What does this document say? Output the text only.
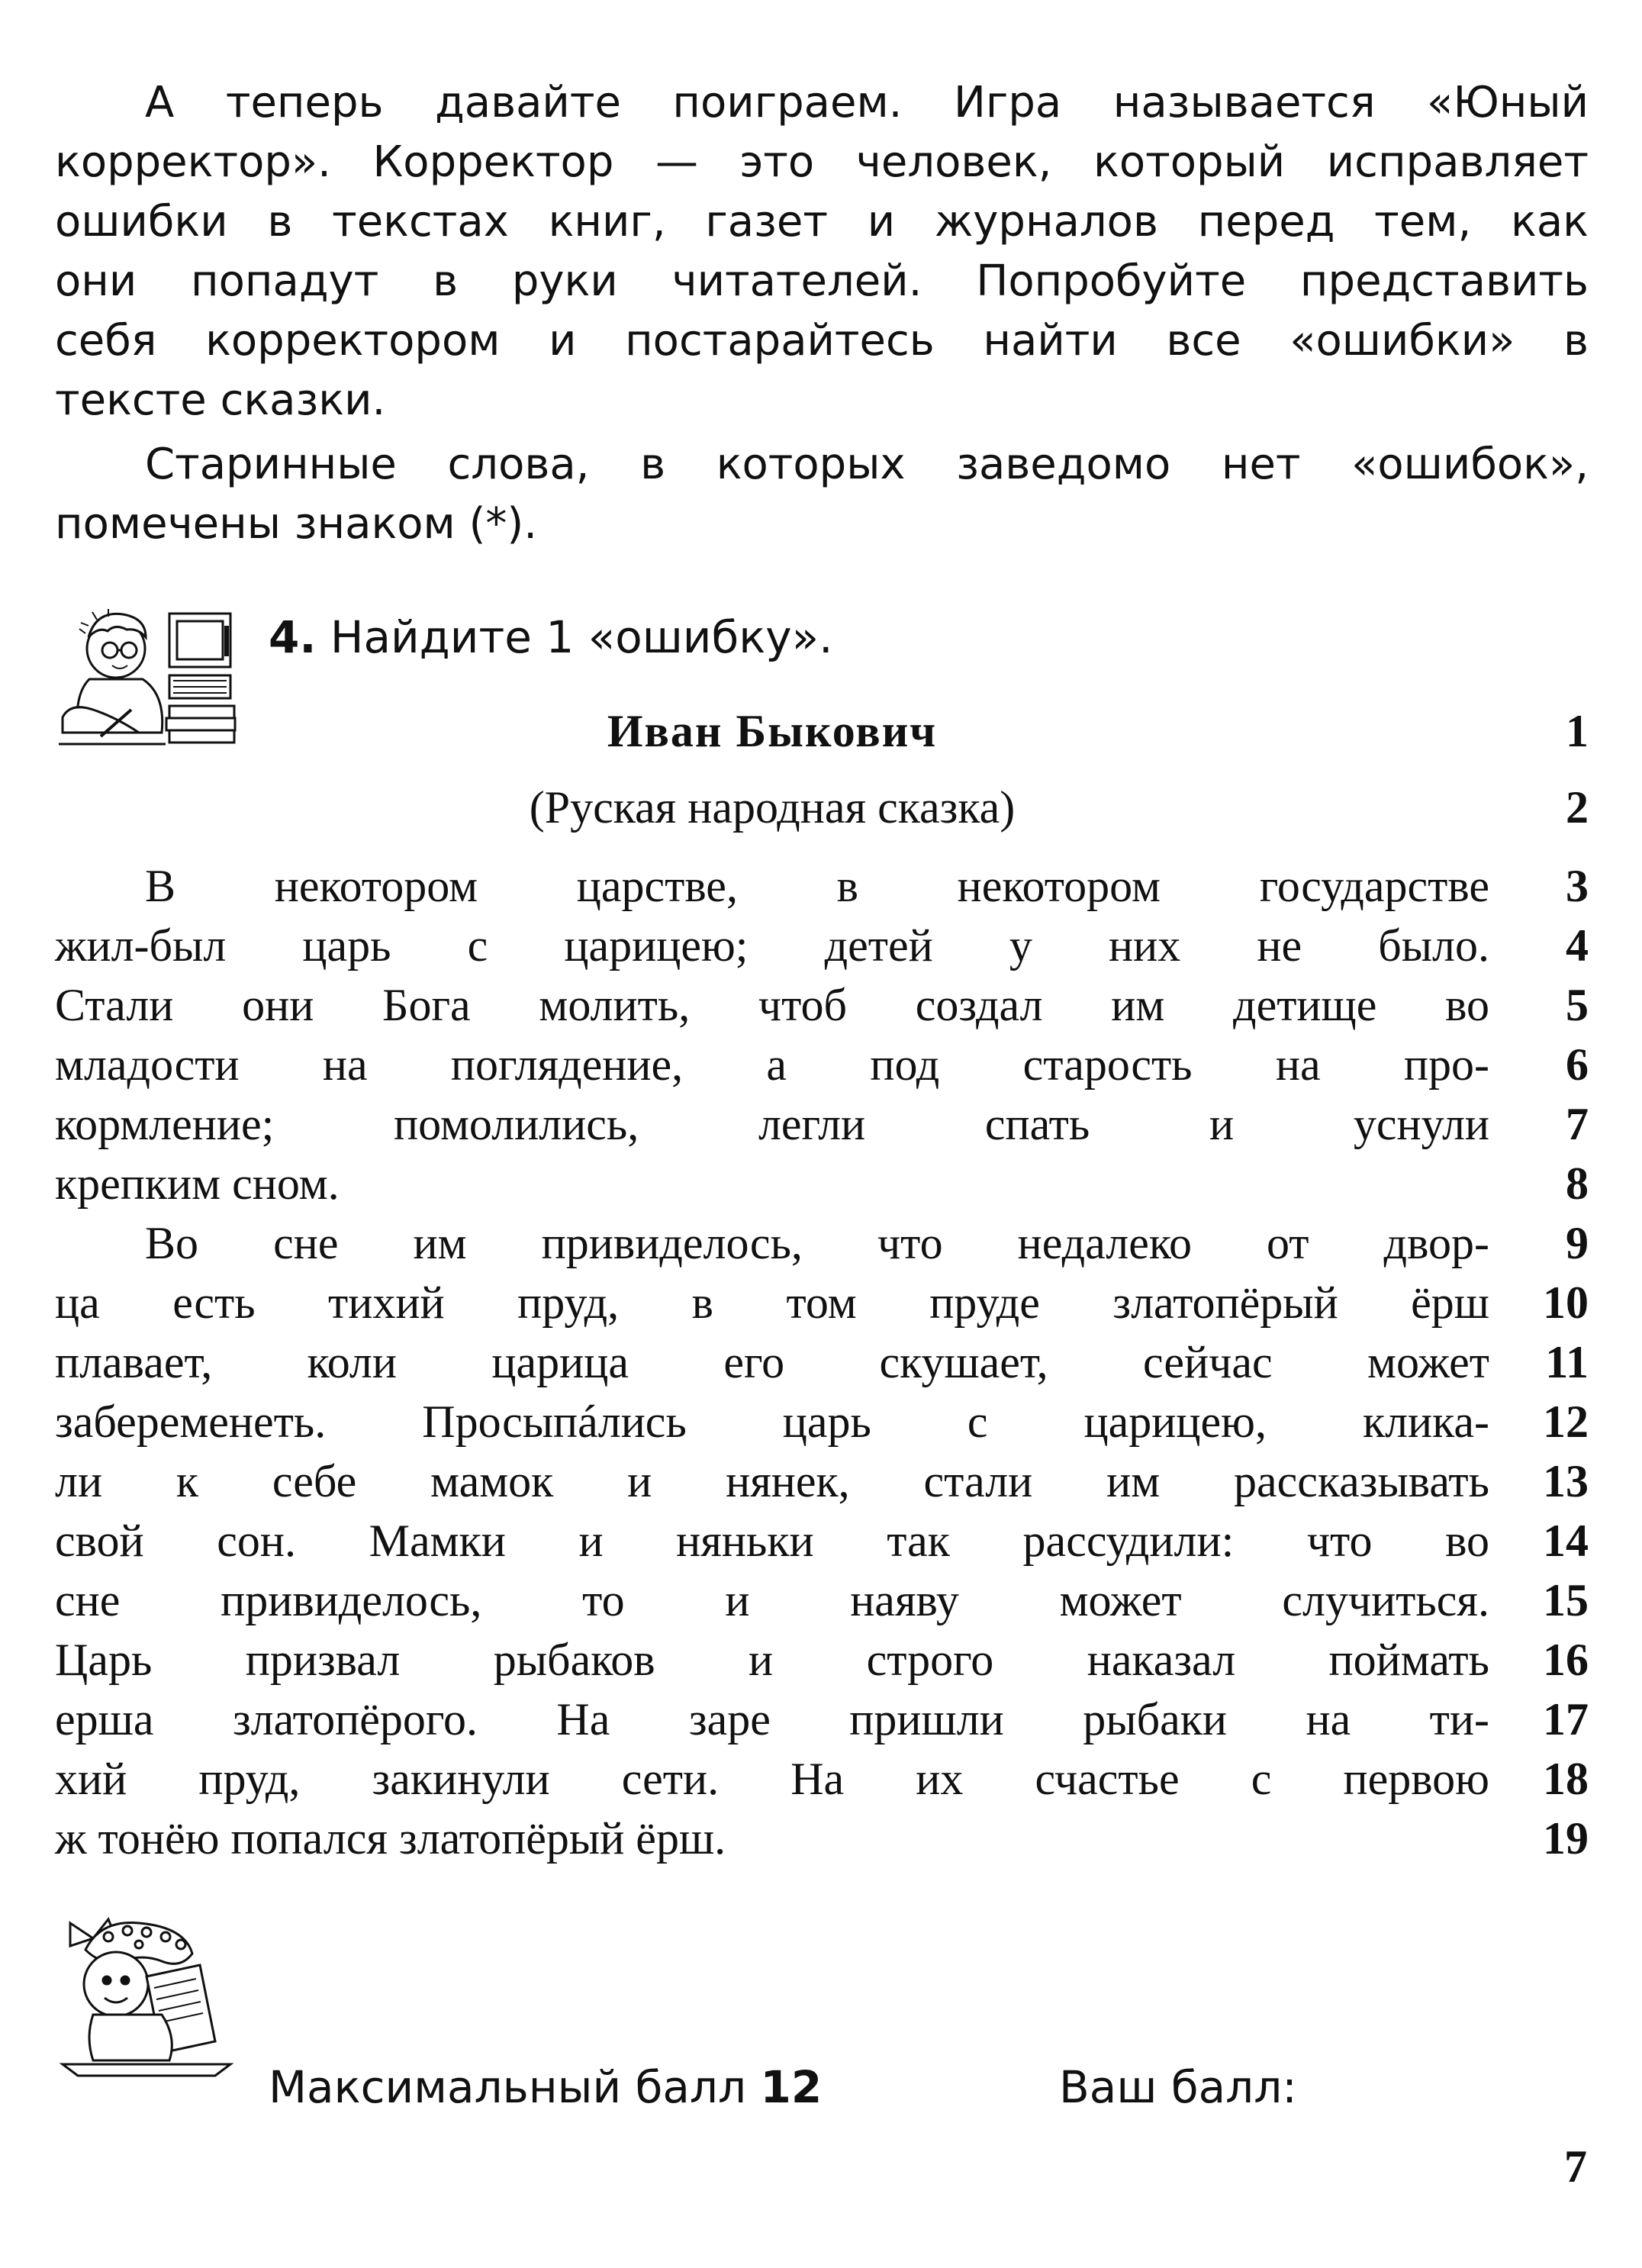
А теперь давайте поиграем. Игра называется «Юный
корректор». Корректор — это человек, который исправляет
ошибки в текстах книг, газет и журналов перед тем, как
они попадут в руки читателей. Попробуйте представить
себя корректором и постарайтесь найти все «ошибки» в
тексте сказки.
Старинные слова, в которых заведомо нет «ошибок»,
помечены знаком (*).
4. Найдите 1 «ошибку».
Иван Быкович	1
(Руская народная сказка)	2
В некотором царстве, в некотором государстве	3
жил-был царь с царицею; детей у них не было.	4
Стали они Бога молить, чтоб создал им детище во	5
младости на поглядение, а под старость на про-	6
кормление; помолились, легли спать и уснули	7
крепким сном.	8
Во сне им привиделось, что недалеко от двор-	9
ца есть тихий пруд, в том пруде златопёрый ёрш	10
плавает, коли царица его скушает, сейчас может	11
забеременеть. Просыпáлись царь с царицею, клика-	12
ли к себе мамок и нянек, стали им рассказывать	13
свой сон. Мамки и няньки так рассудили: что во	14
сне привиделось, то и наяву может случиться.	15
Царь призвал рыбаков и строго наказал поймать	16
ерша златопёрого. На заре пришли рыбаки на ти-	17
хий пруд, закинули сети. На их счастье с первою	18
ж тонёю попался златопёрый ёрш.	19
Максимальный балл 12	Ваш балл:
7
